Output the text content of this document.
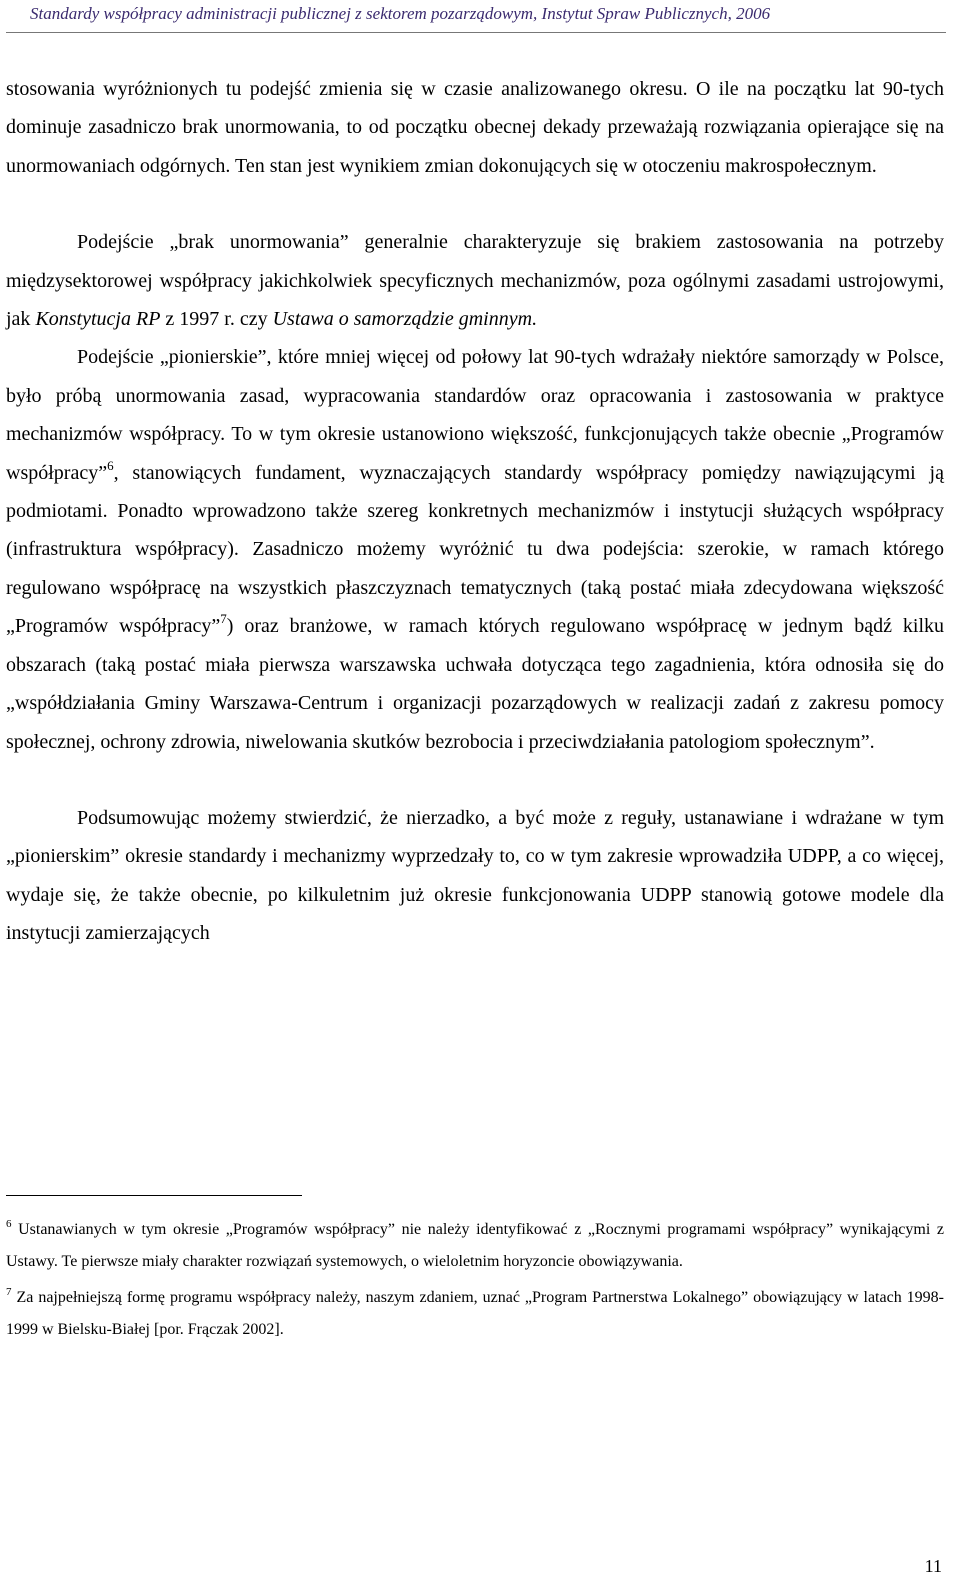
Standardy współpracy administracji publicznej z sektorem pozarządowym, Instytut Spraw Publicznych, 2006

stosowania wyróżnionych tu podejść zmienia się w czasie analizowanego okresu. O ile na początku lat 90-tych dominuje zasadniczo brak unormowania, to od początku obecnej dekady przeważają rozwiązania opierające się na unormowaniach odgórnych. Ten stan jest wynikiem zmian dokonujących się w otoczeniu makrospołecznym.

Podejście „brak unormowania” generalnie charakteryzuje się brakiem zastosowania na potrzeby międzysektorowej współpracy jakichkolwiek specyficznych mechanizmów, poza ogólnymi zasadami ustrojowymi, jak Konstytucja RP z 1997 r. czy Ustawa o samorządzie gminnym.

Podejście „pionierskie”, które mniej więcej od połowy lat 90-tych wdrażały niektóre samorządy w Polsce, było próbą unormowania zasad, wypracowania standardów oraz opracowania i zastosowania w praktyce mechanizmów współpracy. To w tym okresie ustanowiono większość, funkcjonujących także obecnie „Programów współpracy”$^6$, stanowiących fundament, wyznaczających standardy współpracy pomiędzy nawiązującymi ją podmiotami. Ponadto wprowadzono także szereg konkretnych mechanizmów i instytucji służących współpracy (infrastruktura współpracy). Zasadniczo możemy wyróżnić tu dwa podejścia: szerokie, w ramach którego regulowano współpracę na wszystkich płaszczyznach tematycznych (taką postać miała zdecydowana większość „Programów współpracy”$^7$) oraz branżowe, w ramach których regulowano współpracę w jednym bądź kilku obszarach (taką postać miała pierwsza warszawska uchwała dotycząca tego zagadnienia, która odnosiła się do „współdziałania Gminy Warszawa-Centrum i organizacji pozarządowych w realizacji zadań z zakresu pomocy społecznej, ochrony zdrowia, niwelowania skutków bezrobocia i przeciwdziałania patologiom społecznym”.

Podsumowując możemy stwierdzić, że nierzadko, a być może z reguły, ustanawiane i wdrażane w tym „pionierskim” okresie standardy i mechanizmy wyprzedzały to, co w tym zakresie wprowadziła UDPP, a co więcej, wydaje się, że także obecnie, po kilkuletnim już okresie funkcjonowania UDPP stanowią gotowe modele dla instytucji zamierzających

$^6$ Ustanawianych w tym okresie „Programów współpracy” nie należy identyfikować z „Rocznymi programami współpracy” wynikającymi z Ustawy. Te pierwsze miały charakter rozwiązań systemowych, o wieloletnim horyzoncie obowiązywania.

$^7$ Za najpełniejszą formę programu współpracy należy, naszym zdaniem, uznać „Program Partnerstwa Lokalnego” obowiązujący w latach 1998-1999 w Bielsku-Białej [por. Frączak 2002].

11
